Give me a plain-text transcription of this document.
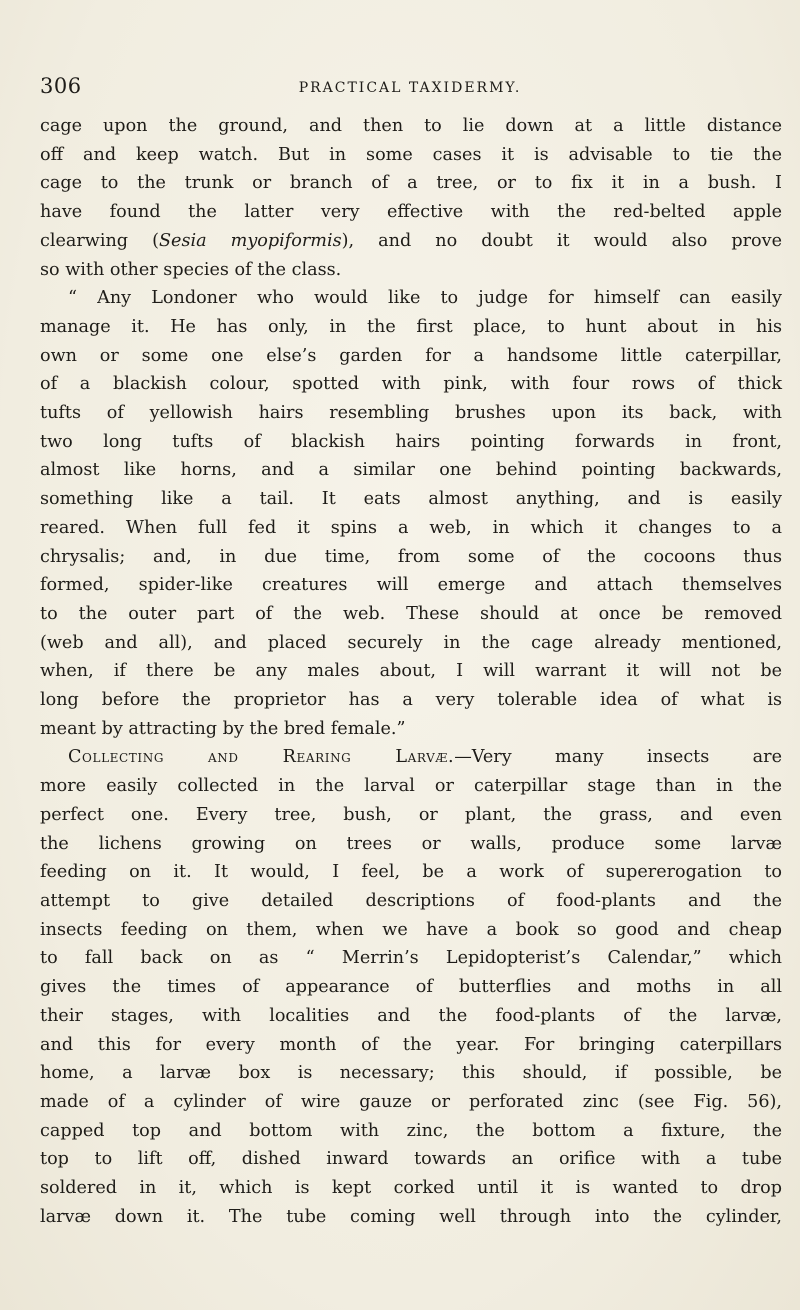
306	PRACTICAL TAXIDERMY.

cage upon the ground, and then to lie down at a little distance

off and keep watch. But in some cases it is advisable to tie the

cage to the trunk or branch of a tree, or to fix it in a bush. I

have found the latter very effective with the red-belted apple

clearwing (Sesia myopiformis), and no doubt it would also prove

so with other species of the class.

“ Any Londoner who would like to judge for himself can easily

manage it. He has only, in the first place, to hunt about in his

own or some one else’s garden for a handsome little caterpillar,

of a blackish colour, spotted with pink, with four rows of thick

tufts of yellowish hairs resembling brushes upon its back, with

two long tufts of blackish hairs pointing forwards in front,

almost like horns, and a similar one behind pointing backwards,

something like a tail. It eats almost anything, and is easily

reared. When full fed it spins a web, in which it changes to a

chrysalis; and, in due time, from some of the cocoons thus

formed, spider-like creatures will emerge and attach themselves

to the outer part of the web. These should at once be removed

(web and all), and placed securely in the cage already mentioned,

when, if there be any males about, I will warrant it will not be

long before the proprietor has a very tolerable idea of what is

meant by attracting by the bred female.”

Collecting and Rearing Larvæ.—Very many insects are

more easily collected in the larval or caterpillar stage than in the

perfect one. Every tree, bush, or plant, the grass, and even

the lichens growing on trees or walls, produce some larvæ

feeding on it. It would, I feel, be a work of supererogation to

attempt to give detailed descriptions of food-plants and the

insects feeding on them, when we have a book so good and cheap

to fall back on as “ Merrin’s Lepidopterist’s Calendar,” which

gives the times of appearance of butterflies and moths in all

their stages, with localities and the food-plants of the larvæ,

and this for every month of the year. For bringing caterpillars

home, a larvæ box is necessary; this should, if possible, be

made of a cylinder of wire gauze or perforated zinc (see Fig. 56),

capped top and bottom with zinc, the bottom a fixture, the

top to lift off, dished inward towards an orifice with a tube

soldered in it, which is kept corked until it is wanted to drop

larvæ down it. The tube coming well through into the cylinder,
